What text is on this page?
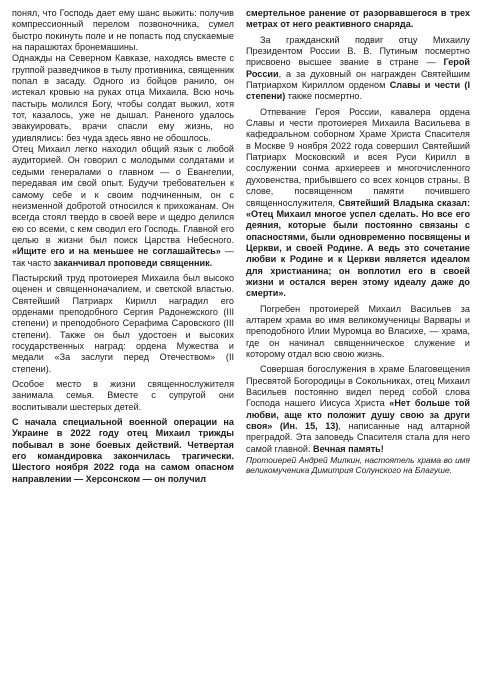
понял, что Господь дает ему шанс выжить: получив компрессионный перелом позвоночника, сумел быстро покинуть поле и не попасть под спускаемые на парашютах бронемашины.

Однажды на Северном Кавказе, находясь вместе с группой разведчиков в тылу противника, священник попал в засаду. Одного из бойцов ранило, он истекал кровью на руках отца Михаила. Всю ночь пастырь молился Богу, чтобы солдат выжил, хотя тот, казалось, уже не дышал. Раненого удалось эвакуировать, врачи спасли ему жизнь, но удивлялись: без чуда здесь явно не обошлось.

Отец Михаил легко находил общий язык с любой аудиторией. Он говорил с молодыми солдатами и седыми генералами о главном — о Евангелии, передавая им свой опыт. Будучи требовательен к самому себе и к своим подчиненным, он с неизменной добротой относился к прихожанам. Он всегда стоял твердо в своей вере и щедро делился ею со всеми, с кем сводил его Господь. Главной его целью в жизни был поиск Царства Небесного. «Ищите его и на меньшее не соглашайтесь» — так часто заканчивал проповеди священник.

Пастырский труд протоиерея Михаила был высоко оценен и священноначалием, и светской властью. Святейший Патриарх Кирилл наградил его орденами преподобного Сергия Радонежского (III степени) и преподобного Серафима Саровского (III степени). Также он был удостоен и высоких государственных наград: ордена Мужества и медали «За заслуги перед Отечеством» (II степени).

Особое место в жизни священнослужителя занимала семья. Вместе с супругой они воспитывали шестерых детей.

С начала специальной военной операции на Украине в 2022 году отец Михаил трижды побывал в зоне боевых действий. Четвертая его командировка закончилась трагически. Шестого ноября 2022 года на самом опасном направлении — Херсонском — он получил

смертельное ранение от разорвавшегося в трех метрах от него реактивного снаряда.

За гражданский подвиг отцу Михаилу Президентом России В. В. Путиным посмертно присвоено высшее звание в стране — Герой России, а за духовный он награжден Святейшим Патриархом Кириллом орденом Славы и чести (I степени) также посмертно.

Отпевание Героя России, кавалера ордена Славы и чести протоиерея Михаила Васильева в кафедральном соборном Храме Христа Спасителя в Москве 9 ноября 2022 года совершил Святейший Патриарх Московский и всея Руси Кирилл в сослужении сонма архиереев и многочисленного духовенства, прибывшего со всех концов страны. В слове, посвященном памяти почившего священнослужителя, Святейший Владыка сказал: «Отец Михаил многое успел сделать. Но все его деяния, которые были постоянно связаны с опасностями, были одновременно посвящены и Церкви, и своей Родине. А ведь это сочетание любви к Родине и к Церкви является идеалом для христианина; он воплотил его в своей жизни и остался верен этому идеалу даже до смерти».

Погребен протоиерей Михаил Васильев за алтарем храма во имя великомученицы Варвары и преподобного Илии Муромца во Власихе, — храма, где он начинал священническое служение и которому отдал всю свою жизнь.

Совершая богослужения в храме Благовещения Пресвятой Богородицы в Сокольниках, отец Михаил Васильев постоянно видел перед собой слова Господа нашего Иисуса Христа «Нет больше той любви, аще кто положит душу свою за други своя» (Ин. 15, 13), написанные над алтарной преградой. Эта заповедь Спасителя стала для него самой главной. Вечная память!

Протоиерей Андрей Милкин, настоятель храма во имя великомученика Димитрия Солунского на Благуше.
